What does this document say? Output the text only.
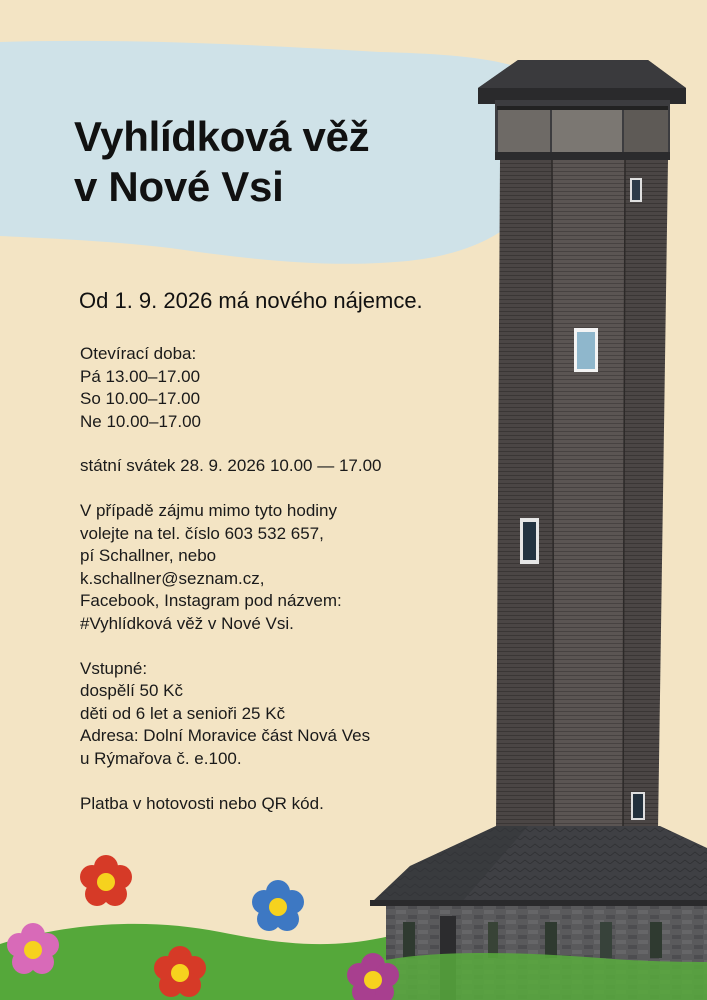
Vyhlídková věž
v Nové Vsi

Od 1. 9. 2026 má nového nájemce.

Otevírací doba:

Pá 13.00–17.00

So 10.00–17.00

Ne 10.00–17.00

státní svátek 28. 9. 2026 10.00 — 17.00

V případě zájmu mimo tyto hodiny

volejte na tel. číslo 603 532 657,

pí Schallner, nebo

k.schallner@seznam.cz,

Facebook, Instagram pod názvem:

#Vyhlídková věž v Nové Vsi.

Vstupné:

dospělí 50 Kč

děti od 6 let a senioři 25 Kč

Adresa: Dolní Moravice část Nová Ves

u Rýmařova č. e.100.

Platba v hotovosti nebo QR kód.
